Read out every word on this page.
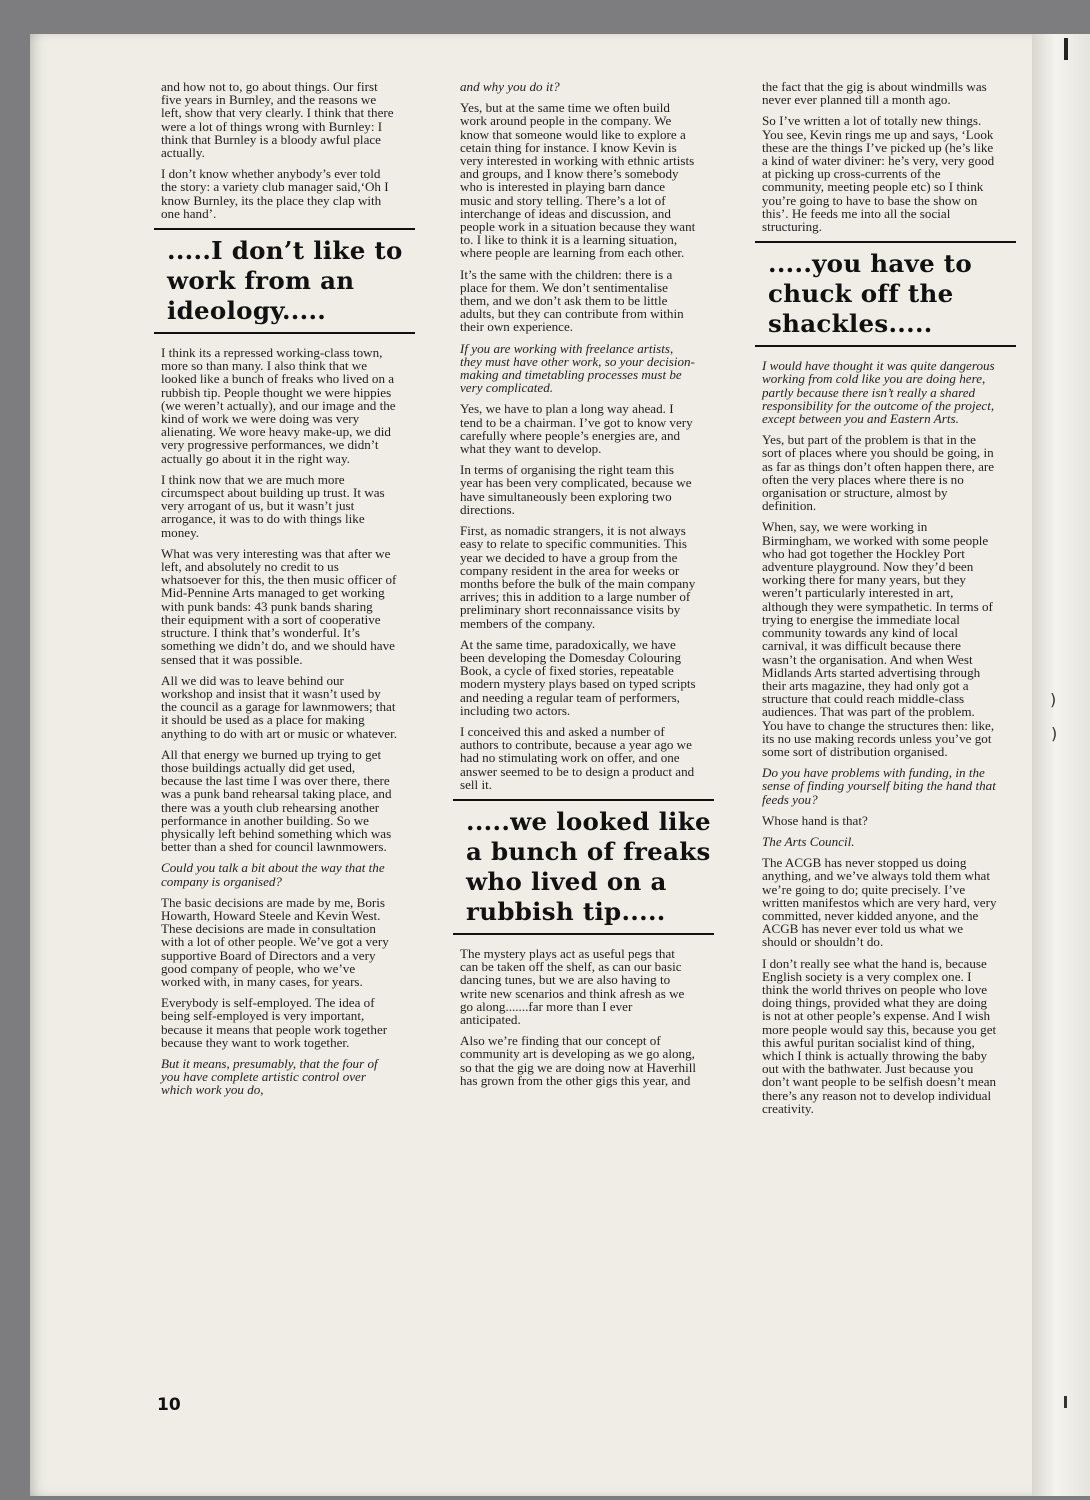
)
)

and how not to, go about things. Our first five years in Burnley, and the reasons we left, show that very clearly. I think that there were a lot of things wrong with Burnley: I think that Burnley is a bloody awful place actually.

I don’t know whether anybody’s ever told the story: a variety club manager said,‘Oh I know Burnley, its the place they clap with one hand’.

.....I don’t like to work from an ideology.....

I think its a repressed working-class town, more so than many. I also think that we looked like a bunch of freaks who lived on a rubbish tip. People thought we were hippies (we weren’t actually), and our image and the kind of work we were doing was very alienating. We wore heavy make-up, we did very progressive performances, we didn’t actually go about it in the right way.

I think now that we are much more circumspect about building up trust. It was very arrogant of us, but it wasn’t just arrogance, it was to do with things like money.

What was very interesting was that after we left, and absolutely no credit to us whatsoever for this, the then music officer of Mid-Pennine Arts managed to get working with punk bands: 43 punk bands sharing their equipment with a sort of cooperative structure. I think that’s wonderful. It’s something we didn’t do, and we should have sensed that it was possible.

All we did was to leave behind our workshop and insist that it wasn’t used by the council as a garage for lawnmowers; that it should be used as a place for making anything to do with art or music or whatever.

All that energy we burned up trying to get those buildings actually did get used, because the last time I was over there, there was a punk band rehearsal taking place, and there was a youth club rehearsing another performance in another building. So we physically left behind something which was better than a shed for council lawnmowers.

Could you talk a bit about the way that the company is organised?

The basic decisions are made by me, Boris Howarth, Howard Steele and Kevin West. These decisions are made in consultation with a lot of other people. We’ve got a very supportive Board of Directors and a very good company of people, who we’ve worked with, in many cases, for years.

Everybody is self-employed. The idea of being self-employed is very important, because it means that people work together because they want to work together.

But it means, presumably, that the four of you have complete artistic control over which work you do,

and why you do it?

Yes, but at the same time we often build work around people in the company. We know that someone would like to explore a cetain thing for instance. I know Kevin is very interested in working with ethnic artists and groups, and I know there’s somebody who is interested in playing barn dance music and story telling. There’s a lot of interchange of ideas and discussion, and people work in a situation because they want to. I like to think it is a learning situation, where people are learning from each other.

It’s the same with the children: there is a place for them. We don’t sentimentalise them, and we don’t ask them to be little adults, but they can contribute from within their own experience.

If you are working with freelance artists, they must have other work, so your decision-making and timetabling processes must be very complicated.

Yes, we have to plan a long way ahead. I tend to be a chairman. I’ve got to know very carefully where people’s energies are, and what they want to develop.

In terms of organising the right team this year has been very complicated, because we have simultaneously been exploring two directions.

First, as nomadic strangers, it is not always easy to relate to specific communities. This year we decided to have a group from the company resident in the area for weeks or months before the bulk of the main company arrives; this in addition to a large number of preliminary short reconnaissance visits by members of the company.

At the same time, paradoxically, we have been developing the Domesday Colouring Book, a cycle of fixed stories, repeatable modern mystery plays based on typed scripts and needing a regular team of performers, including two actors.

I conceived this and asked a number of authors to contribute, because a year ago we had no stimulating work on offer, and one answer seemed to be to design a product and sell it.

.....we looked like a bunch of freaks who lived on a rubbish tip.....

The mystery plays act as useful pegs that can be taken off the shelf, as can our basic dancing tunes, but we are also having to write new scenarios and think afresh as we go along.......far more than I ever anticipated.

Also we’re finding that our concept of community art is developing as we go along, so that the gig we are doing now at Haverhill has grown from the other gigs this year, and

the fact that the gig is about windmills was never ever planned till a month ago.

So I’ve written a lot of totally new things. You see, Kevin rings me up and says, ‘Look these are the things I’ve picked up (he’s like a kind of water diviner: he’s very, very good at picking up cross-currents of the community, meeting people etc) so I think you’re going to have to base the show on this’. He feeds me into all the social structuring.

.....you have to chuck off the shackles.....

I would have thought it was quite dangerous working from cold like you are doing here, partly because there isn’t really a shared responsibility for the outcome of the project, except between you and Eastern Arts.

Yes, but part of the problem is that in the sort of places where you should be going, in as far as things don’t often happen there, are often the very places where there is no organisation or structure, almost by definition.

When, say, we were working in Birmingham, we worked with some people who had got together the Hockley Port adventure playground. Now they’d been working there for many years, but they weren’t particularly interested in art, although they were sympathetic. In terms of trying to energise the immediate local community towards any kind of local carnival, it was difficult because there wasn’t the organisation. And when West Midlands Arts started advertising through their arts magazine, they had only got a structure that could reach middle-class audiences. That was part of the problem. You have to change the structures then: like, its no use making records unless you’ve got some sort of distribution organised.

Do you have problems with funding, in the sense of finding yourself biting the hand that feeds you?

Whose hand is that?

The Arts Council.

The ACGB has never stopped us doing anything, and we’ve always told them what we’re going to do; quite precisely. I’ve written manifestos which are very hard, very committed, never kidded anyone, and the ACGB has never ever told us what we should or shouldn’t do.

I don’t really see what the hand is, because English society is a very complex one. I think the world thrives on people who love doing things, provided what they are doing is not at other people’s expense. And I wish more people would say this, because you get this awful puritan socialist kind of thing, which I think is actually throwing the baby out with the bathwater. Just because you don’t want people to be selfish doesn’t mean there’s any reason not to develop individual creativity.

10
